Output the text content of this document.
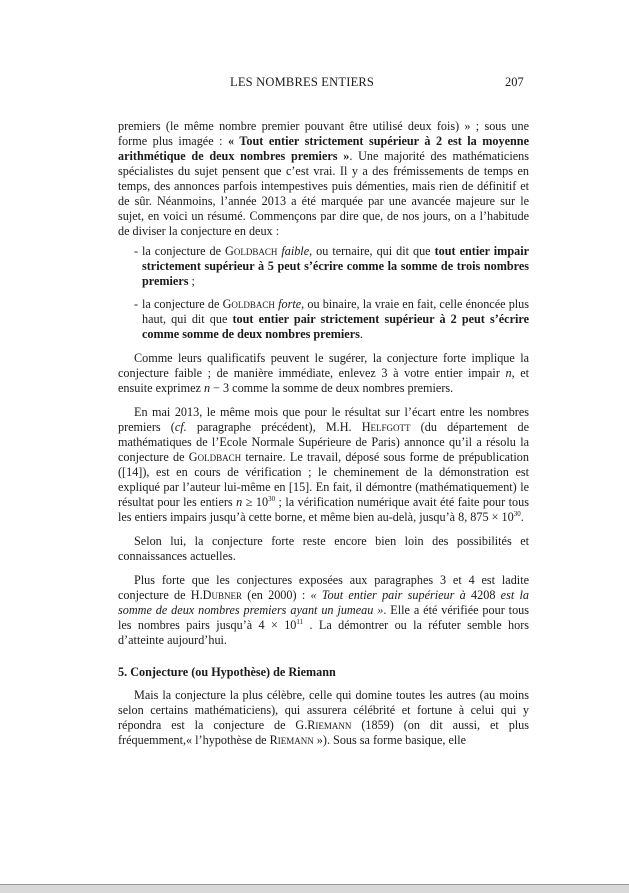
LES NOMBRES ENTIERS	207

premiers (le même nombre premier pouvant être utilisé deux fois) » ; sous une forme plus imagée : « Tout entier strictement supérieur à 2 est la moyenne arithmétique de deux nombres premiers ». Une majorité des mathématiciens spécialistes du sujet pensent que c’est vrai. Il y a des frémissements de temps en temps, des annonces parfois intempestives puis démenties, mais rien de définitif et de sûr. Néanmoins, l’année 2013 a été marquée par une avancée majeure sur le sujet, en voici un résumé. Commençons par dire que, de nos jours, on a l’habitude de diviser la conjecture en deux :

- la conjecture de Goldbach faible, ou ternaire, qui dit que tout entier impair strictement supérieur à 5 peut s’écrire comme la somme de trois nombres premiers ;
- la conjecture de Goldbach forte, ou binaire, la vraie en fait, celle énoncée plus haut, qui dit que tout entier pair strictement supérieur à 2 peut s’écrire comme somme de deux nombres premiers.

Comme leurs qualificatifs peuvent le sugérer, la conjecture forte implique la conjecture faible ; de manière immédiate, enlevez 3 à votre entier impair n, et ensuite exprimez n − 3 comme la somme de deux nombres premiers.

En mai 2013, le même mois que pour le résultat sur l’écart entre les nombres premiers (cf. paragraphe précédent), M.H. Helfgott (du département de mathématiques de l’Ecole Normale Supérieure de Paris) annonce qu’il a résolu la conjecture de Goldbach ternaire. Le travail, déposé sous forme de prépublication ([14]), est en cours de vérification ; le cheminement de la démonstration est expliqué par l’auteur lui-même en [15]. En fait, il démontre (mathématiquement) le résultat pour les entiers $n \ge 10^{30}$ ; la vérification numérique avait été faite pour tous les entiers impairs jusqu’à cette borne, et même bien au-delà, jusqu’à 8, $875 \times 10^{30}$.

Selon lui, la conjecture forte reste encore bien loin des possibilités et connaissances actuelles.

Plus forte que les conjectures exposées aux paragraphes 3 et 4 est ladite conjecture de H.Dubner (en 2000) : « Tout entier pair supérieur à 4208 est la somme de deux nombres premiers ayant un jumeau ». Elle a été vérifiée pour tous les nombres pairs jusqu’à $4 \times 10^{11}$ . La démontrer ou la réfuter semble hors d’atteinte aujourd’hui.

5. Conjecture (ou Hypothèse) de Riemann

Mais la conjecture la plus célèbre, celle qui domine toutes les autres (au moins selon certains mathématiciens), qui assurera célébrité et fortune à celui qui y répondra est la conjecture de G.Riemann (1859) (on dit aussi, et plus fréquemment,« l’hypothèse de Riemann »). Sous sa forme basique, elle
